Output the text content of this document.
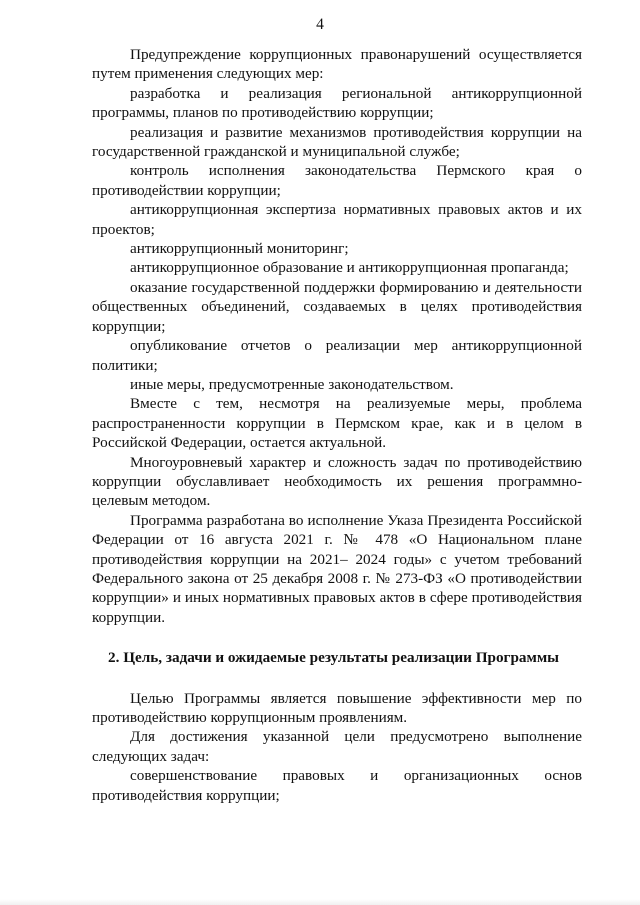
4

Предупреждение коррупционных правонарушений осуществляется путем применения следующих мер:

разработка и реализация региональной антикоррупционной программы, планов по противодействию коррупции;

реализация и развитие механизмов противодействия коррупции на государственной гражданской и муниципальной службе;

контроль исполнения законодательства Пермского края о противодействии коррупции;

антикоррупционная экспертиза нормативных правовых актов и их проектов;

антикоррупционный мониторинг;

антикоррупционное образование и антикоррупционная пропаганда;

оказание государственной поддержки формированию и деятельности общественных объединений, создаваемых в целях противодействия коррупции;

опубликование отчетов о реализации мер антикоррупционной политики;

иные меры, предусмотренные законодательством.

Вместе с тем, несмотря на реализуемые меры, проблема распространенности коррупции в Пермском крае, как и в целом в Российской Федерации, остается актуальной.

Многоуровневый характер и сложность задач по противодействию коррупции обуславливает необходимость их решения программно-целевым методом.

Программа разработана во исполнение Указа Президента Российской Федерации от 16 августа 2021 г. № 478 «О Национальном плане противодействия коррупции на 2021– 2024 годы» с учетом требований Федерального закона от 25 декабря 2008 г. № 273-ФЗ «О противодействии коррупции» и иных нормативных правовых актов в сфере противодействия коррупции.

2. Цель, задачи и ожидаемые результаты реализации Программы

Целью Программы является повышение эффективности мер по противодействию коррупционным проявлениям.

Для достижения указанной цели предусмотрено выполнение следующих задач:

совершенствование правовых и организационных основ противодействия коррупции;
